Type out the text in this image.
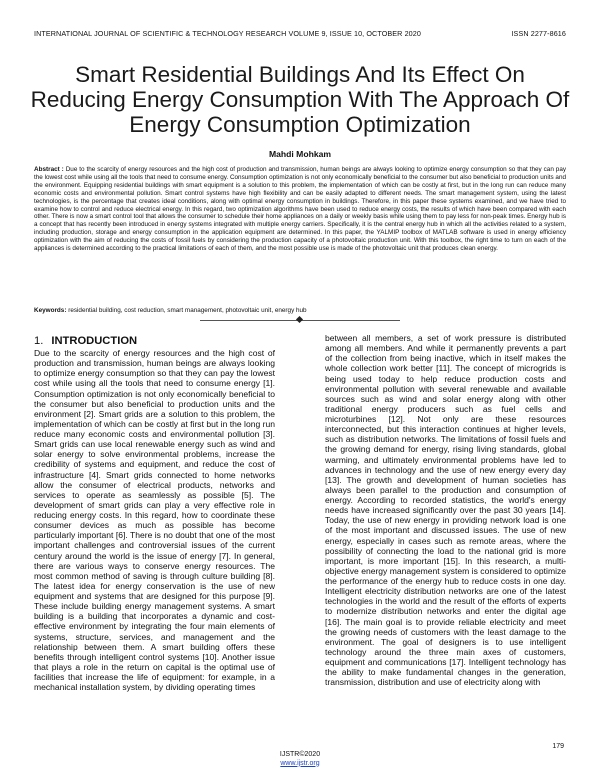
INTERNATIONAL JOURNAL OF SCIENTIFIC & TECHNOLOGY RESEARCH VOLUME 9, ISSUE 10, OCTOBER 2020	ISSN 2277-8616
Smart Residential Buildings And Its Effect On Reducing Energy Consumption With The Approach Of Energy Consumption Optimization
Mahdi Mohkam
Abstract : Due to the scarcity of energy resources and the high cost of production and transmission, human beings are always looking to optimize energy consumption so that they can pay the lowest cost while using all the tools that need to consume energy. Consumption optimization is not only economically beneficial to the consumer but also beneficial to production units and the environment. Equipping residential buildings with smart equipment is a solution to this problem, the implementation of which can be costly at first, but in the long run can reduce many economic costs and environmental pollution. Smart control systems have high flexibility and can be easily adapted to different needs. The smart management system, using the latest technologies, is the percentage that creates ideal conditions, along with optimal energy consumption in buildings. Therefore, in this paper these systems examined, and we have tried to examine how to control and reduce electrical energy. In this regard, two optimization algorithms have been used to reduce energy costs, the results of which have been compared with each other. There is now a smart control tool that allows the consumer to schedule their home appliances on a daily or weekly basis while using them to pay less for non-peak times. Energy hub is a concept that has recently been introduced in energy systems integrated with multiple energy carriers. Specifically, it is the central energy hub in which all the activities related to a system, including production, storage and energy consumption in the application equipment are determined. In this paper, the YALMIP toolbox of MATLAB software is used in energy efficiency optimization with the aim of reducing the costs of fossil fuels by considering the production capacity of a photovoltaic production unit. With this toolbox, the right time to turn on each of the appliances is determined according to the practical limitations of each of them, and the most possible use is made of the photovoltaic unit that produces clean energy.
Keywords: residential building, cost reduction, smart management, photovoltaic unit, energy hub
1. INTRODUCTION
Due to the scarcity of energy resources and the high cost of production and transmission, human beings are always looking to optimize energy consumption so that they can pay the lowest cost while using all the tools that need to consume energy [1]. Consumption optimization is not only economically beneficial to the consumer but also beneficial to production units and the environment [2]. Smart grids are a solution to this problem, the implementation of which can be costly at first but in the long run reduce many economic costs and environmental pollution [3]. Smart grids can use local renewable energy such as wind and solar energy to solve environmental problems, increase the credibility of systems and equipment, and reduce the cost of infrastructure [4]. Smart grids connected to home networks allow the consumer of electrical products, networks and services to operate as seamlessly as possible [5]. The development of smart grids can play a very effective role in reducing energy costs. In this regard, how to coordinate these consumer devices as much as possible has become particularly important [6]. There is no doubt that one of the most important challenges and controversial issues of the current century around the world is the issue of energy [7]. In general, there are various ways to conserve energy resources. The most common method of saving is through culture building [8]. The latest idea for energy conservation is the use of new equipment and systems that are designed for this purpose [9]. These include building energy management systems. A smart building is a building that incorporates a dynamic and cost-effective environment by integrating the four main elements of systems, structure, services, and management and the relationship between them. A smart building offers these benefits through intelligent control systems [10]. Another issue that plays a role in the return on capital is the optimal use of facilities that increase the life of equipment: for example, in a mechanical installation system, by dividing operating times
between all members, a set of work pressure is distributed among all members. And while it permanently prevents a part of the collection from being inactive, which in itself makes the whole collection work better [11]. The concept of microgrids is being used today to help reduce production costs and environmental pollution with several renewable and available sources such as wind and solar energy along with other traditional energy producers such as fuel cells and microturbines [12]. Not only are these resources interconnected, but this interaction continues at higher levels, such as distribution networks. The limitations of fossil fuels and the growing demand for energy, rising living standards, global warming, and ultimately environmental problems have led to advances in technology and the use of new energy every day [13]. The growth and development of human societies has always been parallel to the production and consumption of energy. According to recorded statistics, the world's energy needs have increased significantly over the past 30 years [14]. Today, the use of new energy in providing network load is one of the most important and discussed issues. The use of new energy, especially in cases such as remote areas, where the possibility of connecting the load to the national grid is more important, is more important [15]. In this research, a multi-objective energy management system is considered to optimize the performance of the energy hub to reduce costs in one day. Intelligent electricity distribution networks are one of the latest technologies in the world and the result of the efforts of experts to modernize distribution networks and enter the digital age [16]. The main goal is to provide reliable electricity and meet the growing needs of customers with the least damage to the environment. The goal of designers is to use intelligent technology around the three main axes of customers, equipment and communications [17]. Intelligent technology has the ability to make fundamental changes in the generation, transmission, distribution and use of electricity along with
179
IJSTR©2020
www.ijstr.org
